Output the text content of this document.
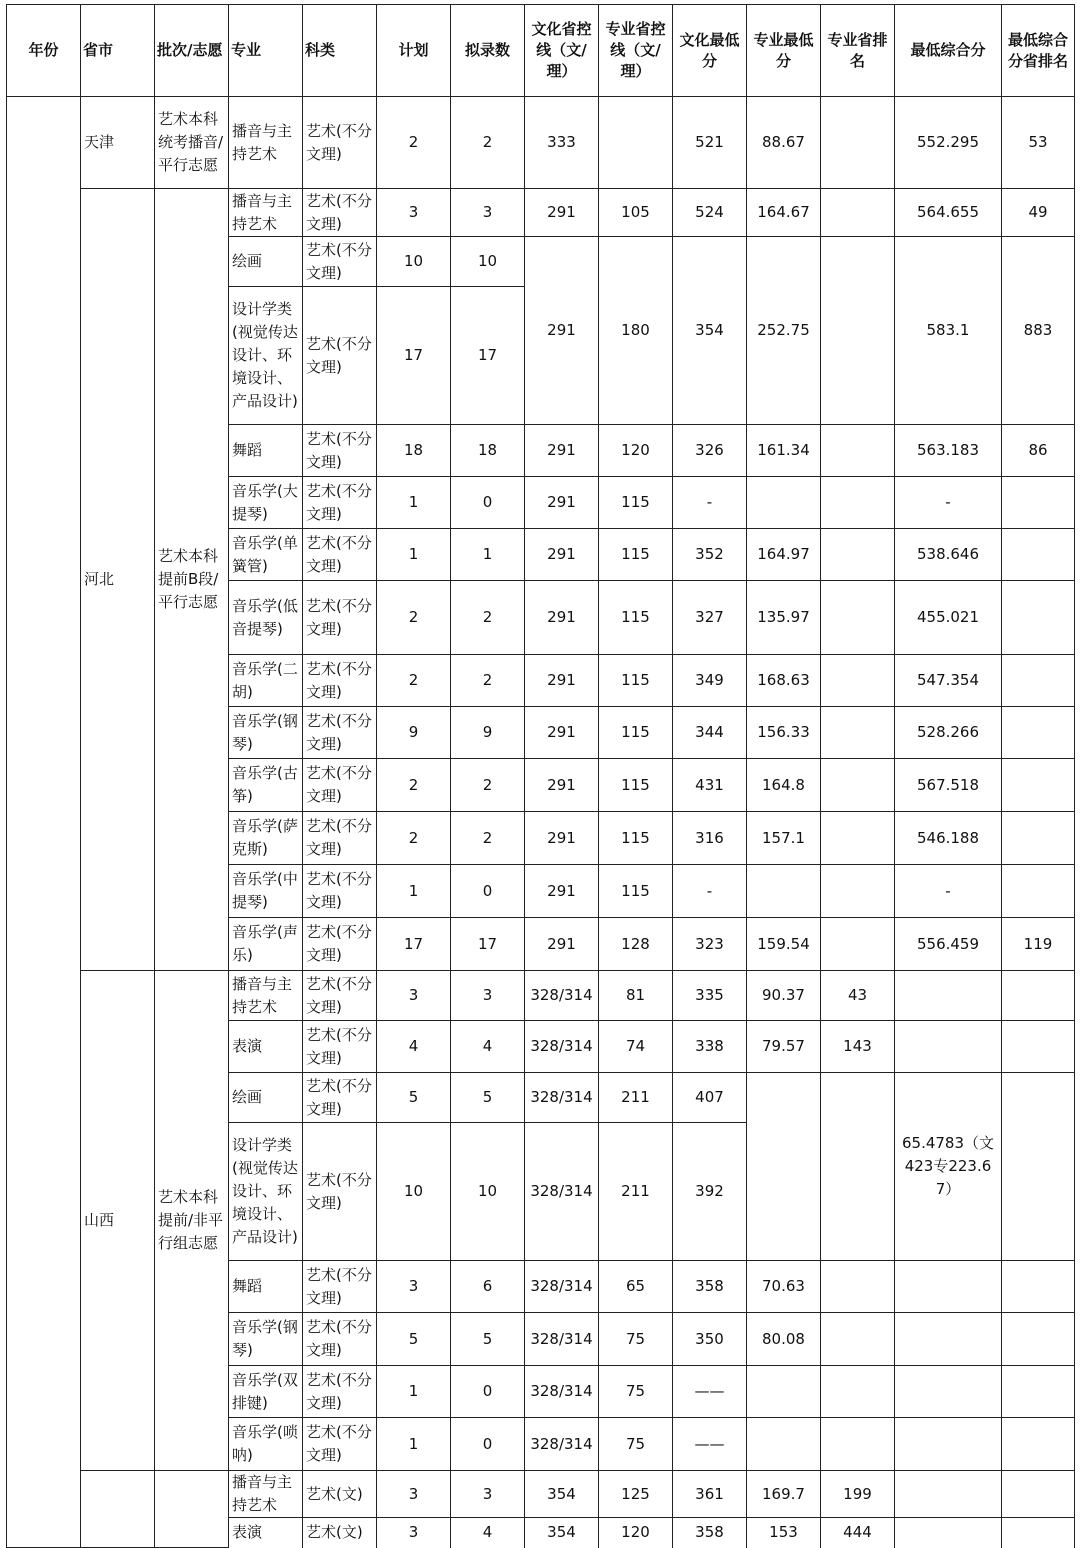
年份	省市	批次/志愿	专业	科类	计划	拟录数	文化省控线（文/理）	专业省控线（文/理）	文化最低分	专业最低分	专业省排名	最低综合分	最低综合分省排名
	天津	艺术本科统考播音/平行志愿	播音与主持艺术	艺术(不分文理)	2	2	333		521	88.67		552.295	53
	河北	艺术本科提前B段/平行志愿	播音与主持艺术	艺术(不分文理)	3	3	291	105	524	164.67		564.655	49
			绘画	艺术(不分文理)	10	10	291	180	354	252.75		583.1	883
			设计学类(视觉传达设计、环境设计、产品设计)	艺术(不分文理)	17	17							
			舞蹈	艺术(不分文理)	18	18	291	120	326	161.34		563.183	86
			音乐学(大提琴)	艺术(不分文理)	1	0	291	115	-			-	
			音乐学(单簧管)	艺术(不分文理)	1	1	291	115	352	164.97		538.646	
			音乐学(低音提琴)	艺术(不分文理)	2	2	291	115	327	135.97		455.021	
			音乐学(二胡)	艺术(不分文理)	2	2	291	115	349	168.63		547.354	
			音乐学(钢琴)	艺术(不分文理)	9	9	291	115	344	156.33		528.266	
			音乐学(古筝)	艺术(不分文理)	2	2	291	115	431	164.8		567.518	
			音乐学(萨克斯)	艺术(不分文理)	2	2	291	115	316	157.1		546.188	
			音乐学(中提琴)	艺术(不分文理)	1	0	291	115	-			-	
			音乐学(声乐)	艺术(不分文理)	17	17	291	128	323	159.54		556.459	119
	山西	艺术本科提前/非平行组志愿	播音与主持艺术	艺术(不分文理)	3	3	328/314	81	335	90.37	43		
			表演	艺术(不分文理)	4	4	328/314	74	338	79.57	143		
			绘画	艺术(不分文理)	5	5	328/314	211	407			65.4783（文423专223.67）	
			设计学类(视觉传达设计、环境设计、产品设计)	艺术(不分文理)	10	10	328/314	211	392				
			舞蹈	艺术(不分文理)	3	6	328/314	65	358	70.63			
			音乐学(钢琴)	艺术(不分文理)	5	5	328/314	75	350	80.08			
			音乐学(双排键)	艺术(不分文理)	1	0	328/314	75	——				
			音乐学(唢呐)	艺术(不分文理)	1	0	328/314	75	——				
			播音与主持艺术	艺术(文)	3	3	354	125	361	169.7	199		
			表演	艺术(文)	3	4	354	120	358	153	444		
